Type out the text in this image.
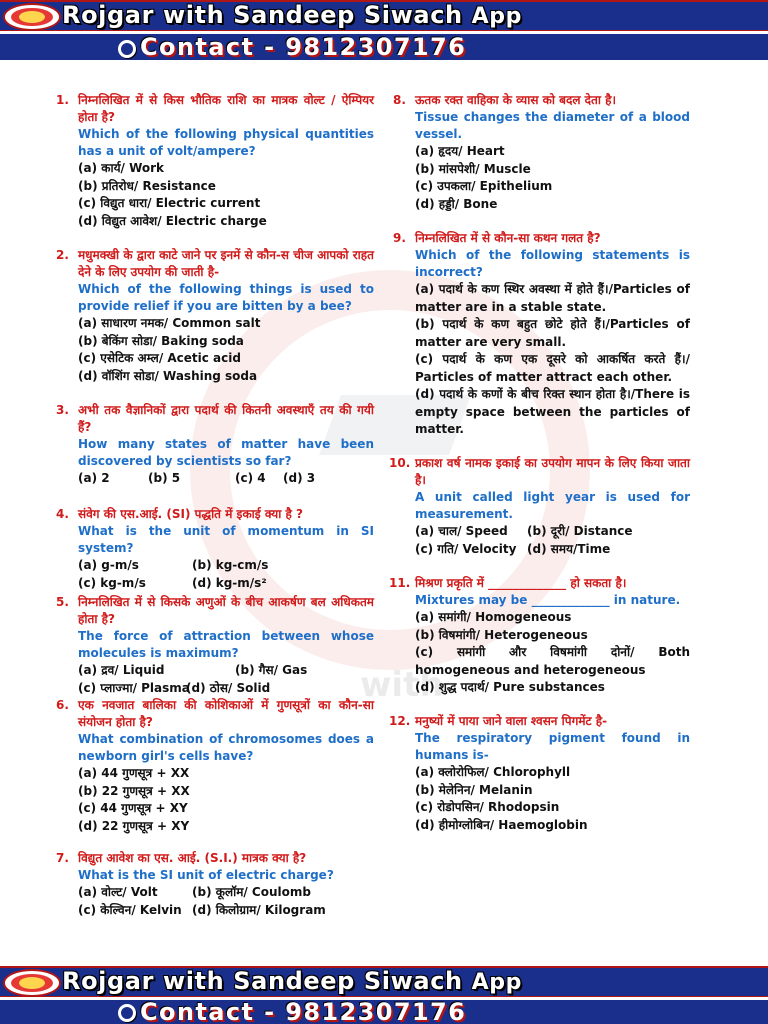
Rojgar with Sandeep Siwach App
Contact - 9812307176
with
1. निम्नलिखित में से किस भौतिक राशि का मात्रक वोल्ट / ऐम्पियर होता है?
Which of the following physical quantities has a unit of volt/ampere?
(a) कार्य/ Work
(b) प्रतिरोध/ Resistance
(c) विद्युत धारा/ Electric current
(d) विद्युत आवेश/ Electric charge
2. मधुमक्खी के द्वारा काटे जाने पर इनमें से कौन-स चीज आपको राहत देने के लिए उपयोग की जाती है-
Which of the following things is used to provide relief if you are bitten by a bee?
(a) साधारण नमक/ Common salt
(b) बेकिंग सोडा/ Baking soda
(c) एसेटिक अम्ल/ Acetic acid
(d) वॉशिंग सोडा/ Washing soda
3. अभी तक वैज्ञानिकों द्वारा पदार्थ की कितनी अवस्थाएँ तय की गयी हैं?
How many states of matter have been discovered by scientists so far?
(a) 2	(b) 5	(c) 4	(d) 3
4. संवेग की एस.आई. (SI) पद्धति में इकाई क्या है ?
What is the unit of momentum in SI system?
(a) g-m/s	(b) kg-cm/s
(c) kg-m/s	(d) kg-m/s²
5. निम्नलिखित में से किसके अणुओं के बीच आकर्षण बल अधिकतम होता है?
The force of attraction between whose molecules is maximum?
(a) द्रव/ Liquid	(b) गैस/ Gas
(c) प्लाज्मा/ Plasma
(d) ठोस/ Solid
6. एक नवजात बालिका की कोशिकाओं में गुणसूत्रों का कौन-सा संयोजन होता है?
What combination of chromosomes does a newborn girl's cells have?
(a) 44 गुणसूत्र + XX
(b) 22 गुणसूत्र + XX
(c) 44 गुणसूत्र + XY
(d) 22 गुणसूत्र + XY
7. विद्युत आवेश का एस. आई. (S.I.) मात्रक क्या है?
What is the SI unit of electric charge?
(a) वोल्ट/ Volt	(b) कूलॉम/ Coulomb
(c) केल्विन/ Kelvin (d) किलोग्राम/ Kilogram
8. ऊतक रक्त वाहिका के व्यास को बदल देता है।
Tissue changes the diameter of a blood vessel.
(a) हृदय/ Heart
(b) मांसपेशी/ Muscle
(c) उपकला/ Epithelium
(d) हड्डी/ Bone
9. निम्नलिखित में से कौन-सा कथन गलत है?
Which of the following statements is incorrect?
(a) पदार्थ के कण स्थिर अवस्था में होते हैं।/Particles of matter are in a stable state.
(b) पदार्थ के कण बहुत छोटे होते हैं।/Particles of matter are very small.
(c) पदार्थ के कण एक दूसरे को आकर्षित करते हैं।/ Particles of matter attract each other.
(d) पदार्थ के कणों के बीच रिक्त स्थान होता है।/There is empty space between the particles of matter.
10. प्रकाश वर्ष नामक इकाई का उपयोग मापन के लिए किया जाता है।
A unit called light year is used for measurement.
(a) चाल/ Speed	(b) दूरी/ Distance
(c) गति/ Velocity (d) समय/Time
11. मिश्रण प्रकृति में _____________ हो सकता है।
Mixtures may be _____________ in nature.
(a) समांगी/ Homogeneous
(b) विषमांगी/ Heterogeneous
(c) समांगी और विषमांगी दोनों/ Both homogeneous and heterogeneous
(d) शुद्ध पदार्थ/ Pure substances
12. मनुष्यों में पाया जाने वाला श्वसन पिगमेंट है-
The respiratory pigment found in humans is-
(a) क्लोरोफिल/ Chlorophyll
(b) मेलेनिन/ Melanin
(c) रोडोपसिन/ Rhodopsin
(d) हीमोग्लोबिन/ Haemoglobin
Rojgar with Sandeep Siwach App
Contact - 9812307176
